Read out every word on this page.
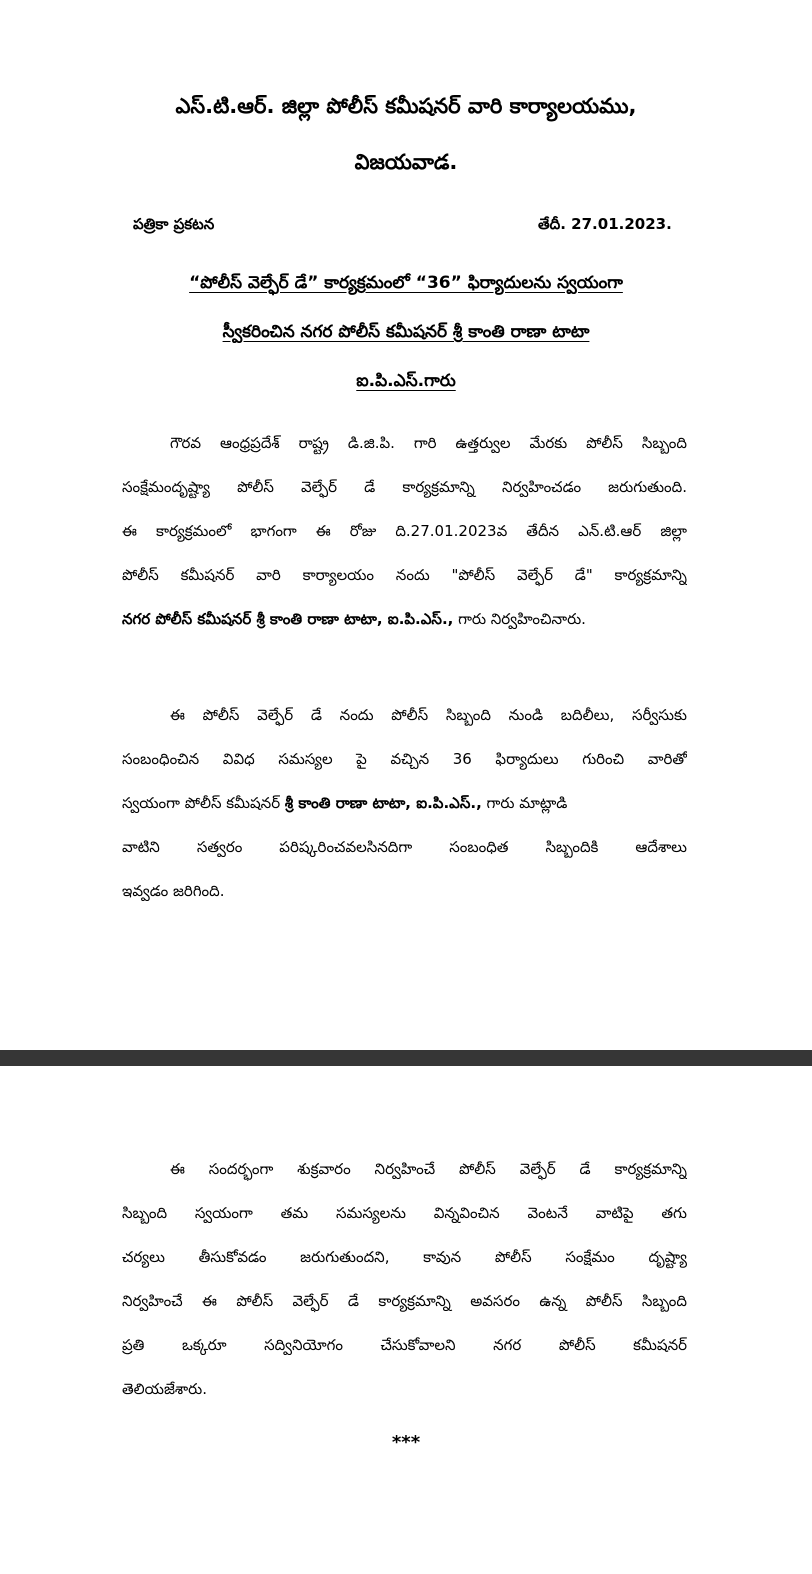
ఎస్.టి.ఆర్. జిల్లా పోలీస్ కమీషనర్ వారి కార్యాలయము,
విజయవాడ.
పత్రికా ప్రకటన	తేదీ. 27.01.2023.
“పోలీస్ వెల్ఫేర్ డే” కార్యక్రమంలో “36” ఫిర్యాదులను స్వయంగా
స్వీకరించిన నగర పోలీస్ కమీషనర్ శ్రీ కాంతి రాణా టాటా
ఐ.పి.ఎస్.గారు
గౌరవ ఆంధ్రప్రదేశ్ రాష్ట్ర డి.జి.పి. గారి ఉత్తర్వుల మేరకు పోలీస్ సిబ్బంది
సంక్షేమందృష్ట్యా పోలీస్ వెల్ఫేర్ డే కార్యక్రమాన్ని నిర్వహించడం జరుగుతుంది.
ఈ కార్యక్రమంలో భాగంగా ఈ రోజు ది.27.01.2023వ తేదీన ఎన్.టి.ఆర్ జిల్లా
పోలీస్ కమీషనర్ వారి కార్యాలయం నందు "పోలీస్ వెల్ఫేర్ డే" కార్యక్రమాన్ని
నగర పోలీస్ కమీషనర్ శ్రీ కాంతి రాణా టాటా, ఐ.పి.ఎస్., గారు నిర్వహించినారు.
ఈ పోలీస్ వెల్ఫేర్ డే నందు పోలీస్ సిబ్బంది నుండి బదిలీలు, సర్వీసుకు
సంబంధించిన వివిధ సమస్యల పై వచ్చిన 36 ఫిర్యాదులు గురించి వారితో
స్వయంగా పోలీస్ కమీషనర్ శ్రీ కాంతి రాణా టాటా, ఐ.పి.ఎస్., గారు మాట్లాడి
వాటిని సత్వరం పరిష్కరించవలసినదిగా సంబంధిత సిబ్బందికి ఆదేశాలు
ఇవ్వడం జరిగింది.
ఈ సందర్భంగా శుక్రవారం నిర్వహించే పోలీస్ వెల్ఫేర్ డే కార్యక్రమాన్ని
సిబ్బంది స్వయంగా తమ సమస్యలను విన్నవించిన వెంటనే వాటిపై తగు
చర్యలు తీసుకోవడం జరుగుతుందని, కావున పోలీస్ సంక్షేమం దృష్ట్యా
నిర్వహించే ఈ పోలీస్ వెల్ఫేర్ డే కార్యక్రమాన్ని అవసరం ఉన్న పోలీస్ సిబ్బంది
ప్రతి ఒక్కరూ సద్వినియోగం చేసుకోవాలని నగర పోలీస్ కమీషనర్
తెలియజేశారు.
***
